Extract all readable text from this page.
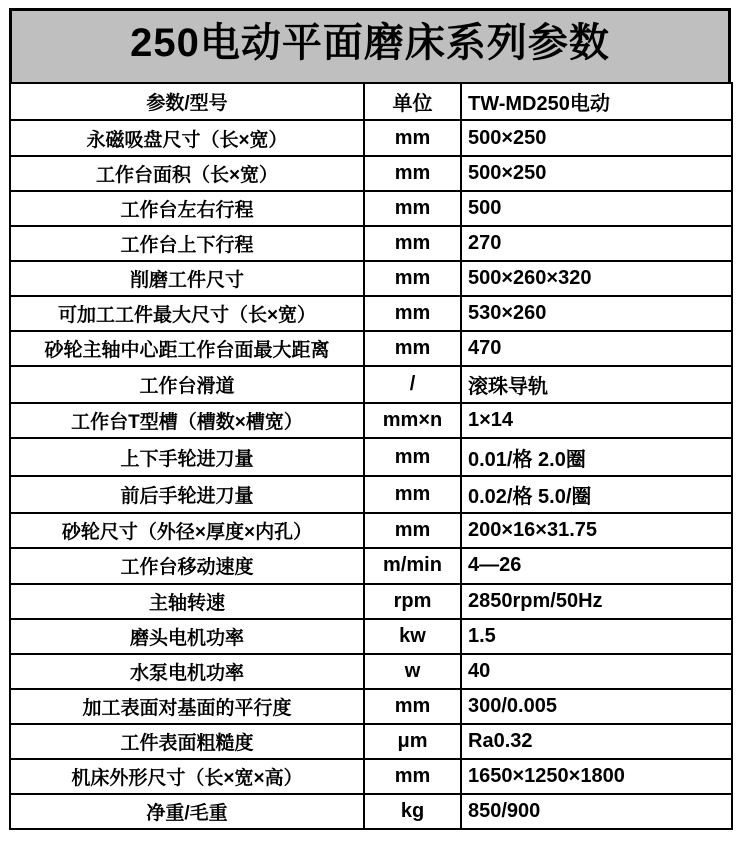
250电动平面磨床系列参数
参数/型号	单位	TW-MD250电动
永磁吸盘尺寸（长×宽）	mm	500×250
工作台面积（长×宽）	mm	500×250
工作台左右行程	mm	500
工作台上下行程	mm	270
削磨工件尺寸	mm	500×260×320
可加工工件最大尺寸（长×宽）	mm	530×260
砂轮主轴中心距工作台面最大距离	mm	470
工作台滑道	/	滚珠导轨
工作台T型槽（槽数×槽宽）	mm×n	1×14
上下手轮进刀量	mm	0.01/格 2.0圈
前后手轮进刀量	mm	0.02/格 5.0/圈
砂轮尺寸（外径×厚度×内孔）	mm	200×16×31.75
工作台移动速度	m/min	4—26
主轴转速	rpm	2850rpm/50Hz
磨头电机功率	kw	1.5
水泵电机功率	w	40
加工表面对基面的平行度	mm	300/0.005
工件表面粗糙度	μm	Ra0.32
机床外形尺寸（长×宽×高）	mm	1650×1250×1800
净重/毛重	kg	850/900
